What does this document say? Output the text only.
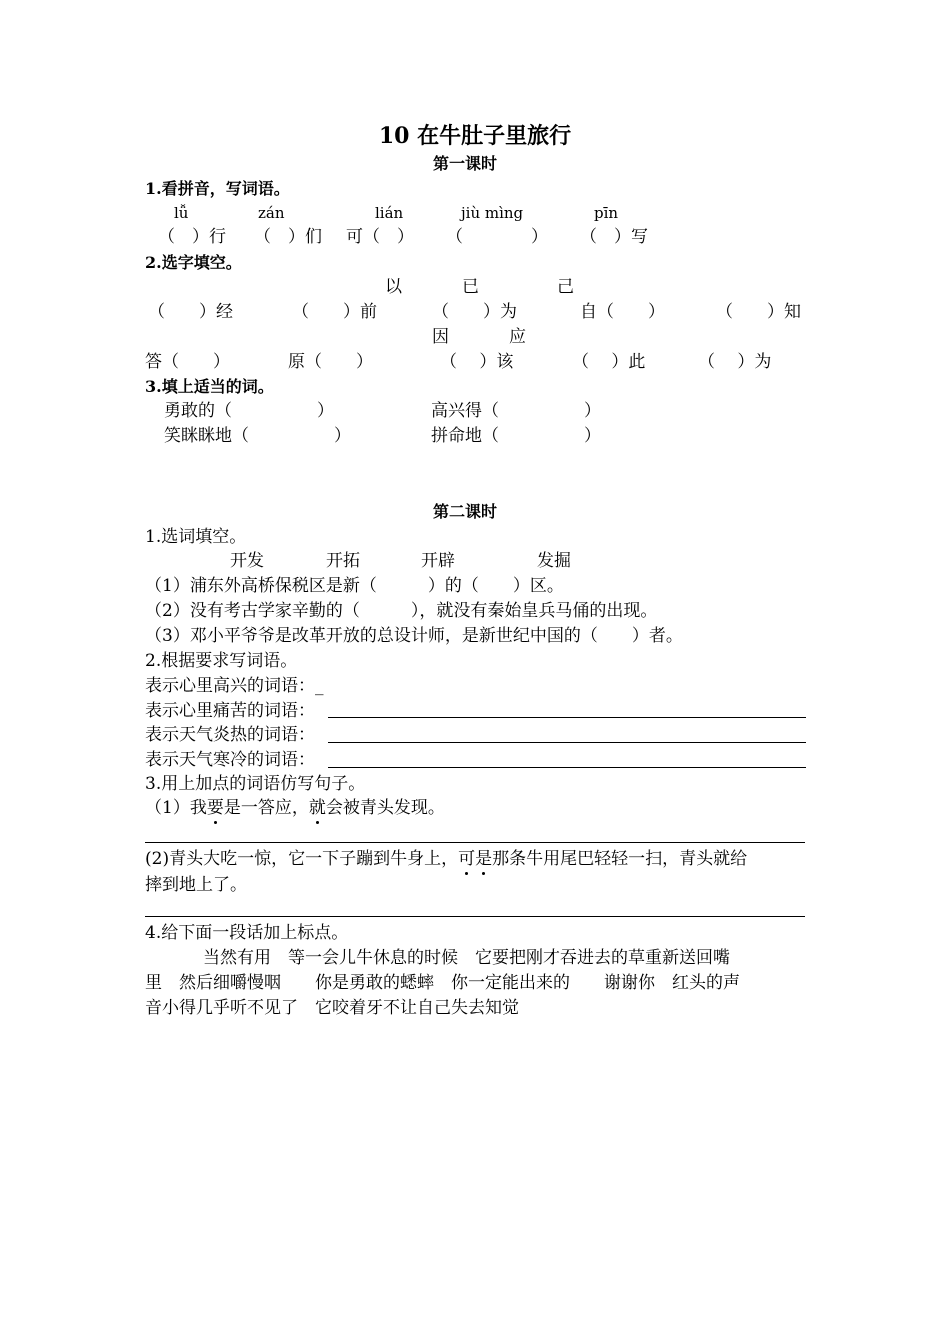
10 在牛肚子里旅行
第一课时
1.看拼音，写词语。
lǚ	zán	lián	jiù mìng	pīn
（　）行 （　）们 可（　） （　　　　） （　）写
2.选字填空。
以	已	己
（　　）经	（　　）前	（　　）为	自（　　）	（　　）知
因	应
答（　　）	原（　　）	（　 ）该	（　 ）此	（　 ）为
3.填上适当的词。
勇敢的（　　　　　）	高兴得（　　　　　）
笑眯眯地（　　　　　）	拼命地（　　　　　）
第二课时
1.选词填空。
开发	开拓	开辟	发掘
（1）浦东外高桥保税区是新（　　　）的（　　）区。
（2）没有考古学家辛勤的（　　　），就没有秦始皇兵马俑的出现。
（3）邓小平爷爷是改革开放的总设计师，是新世纪中国的（　　）者。
2.根据要求写词语。
表示心里高兴的词语：_
表示心里痛苦的词语：
表示天气炎热的词语：
表示天气寒冷的词语：
3.用上加点的词语仿写句子。
（1）我要是一答应，就会被青头发现。
(2)青头大吃一惊，它一下子蹦到牛身上，可是那条牛用尾巴轻轻一扫，青头就给
摔到地上了。
4.给下面一段话加上标点。
当然有用　等一会儿牛休息的时候　它要把刚才吞进去的草重新送回嘴
里　然后细嚼慢咽　　你是勇敢的蟋蟀　你一定能出来的　　谢谢你　红头的声
音小得几乎听不见了　它咬着牙不让自己失去知觉
